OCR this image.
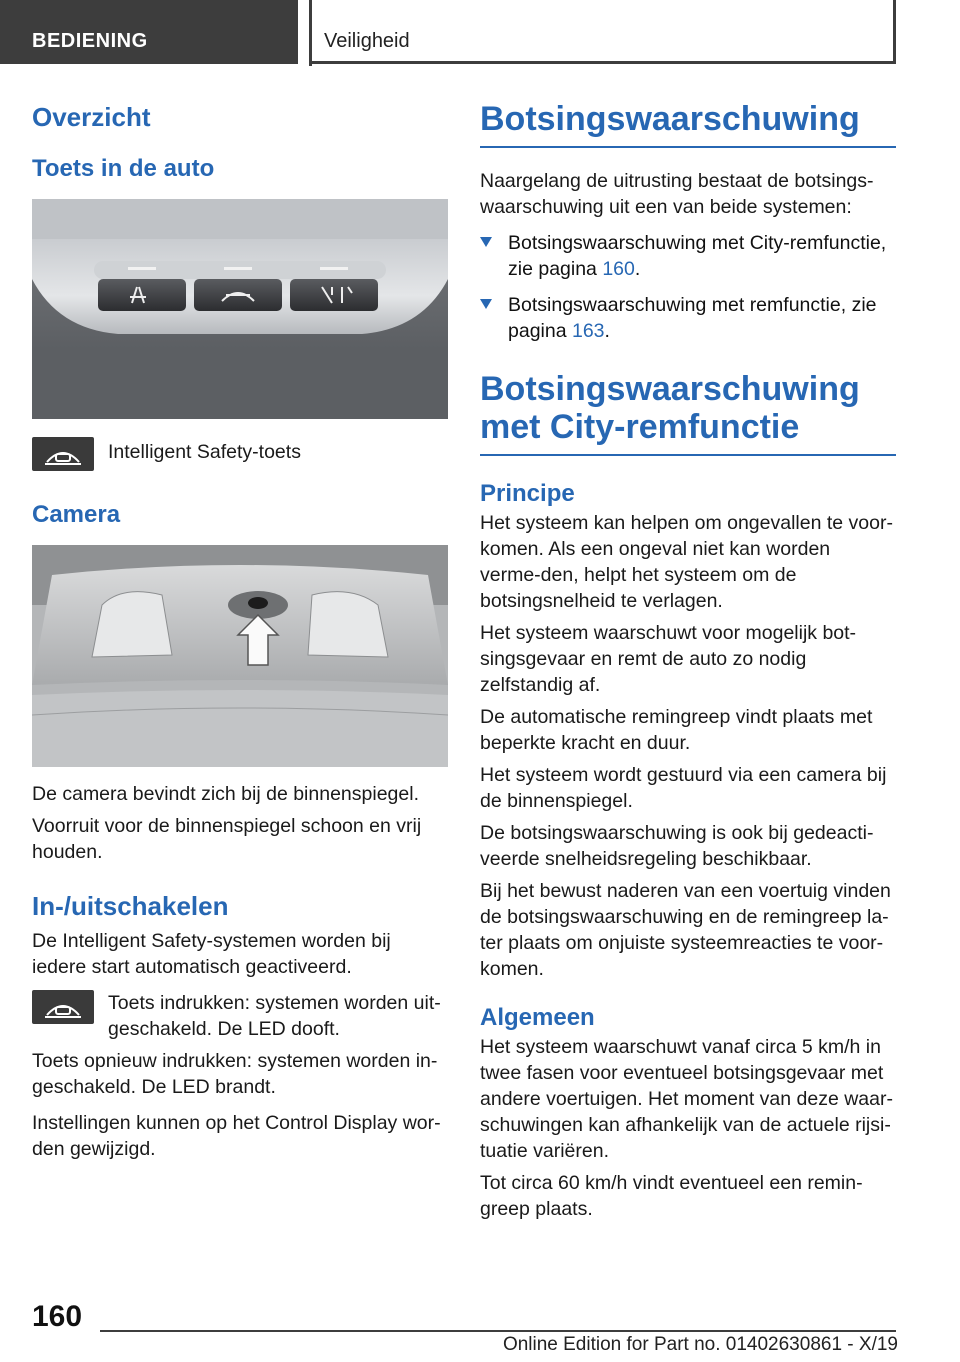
BEDIENING	Veiligheid
Overzicht
Toets in de auto

Intelligent Safety-toets

Camera

De camera bevindt zich bij de binnenspiegel.

Voorruit voor de binnenspiegel schoon en vrij houden.

In-/uitschakelen

De Intelligent Safety-systemen worden bij iedere start automatisch geactiveerd.

Toets indrukken: systemen worden uit-geschakeld. De LED dooft.

Toets opnieuw indrukken: systemen worden in-geschakeld. De LED brandt.

Instellingen kunnen op het Control Display wor-den gewijzigd.

Botsingswaarschuwing

Naargelang de uitrusting bestaat de botsings-waarschuwing uit een van beide systemen:

Botsingswaarschuwing met City-remfunctie, zie pagina 160.
Botsingswaarschuwing met remfunctie, zie pagina 163.
Botsingswaarschuwing met City-remfunctie
Principe

Het systeem kan helpen om ongevallen te voor-komen. Als een ongeval niet kan worden verme-den, helpt het systeem om de botsingsnelheid te verlagen.

Het systeem waarschuwt voor mogelijk bot-singsgevaar en remt de auto zo nodig zelfstandig af.

De automatische remingreep vindt plaats met beperkte kracht en duur.

Het systeem wordt gestuurd via een camera bij de binnenspiegel.

De botsingswaarschuwing is ook bij gedeacti-veerde snelheidsregeling beschikbaar.

Bij het bewust naderen van een voertuig vinden de botsingswaarschuwing en de remingreep la-ter plaats om onjuiste systeemreacties te voor-komen.

Algemeen

Het systeem waarschuwt vanaf circa 5 km/h in twee fasen voor eventueel botsingsgevaar met andere voertuigen. Het moment van deze waar-schuwingen kan afhankelijk van de actuele rijsi-tuatie variëren.

Tot circa 60 km/h vindt eventueel een remin-greep plaats.

160
Online Edition for Part no. 01402630861 - X/19
